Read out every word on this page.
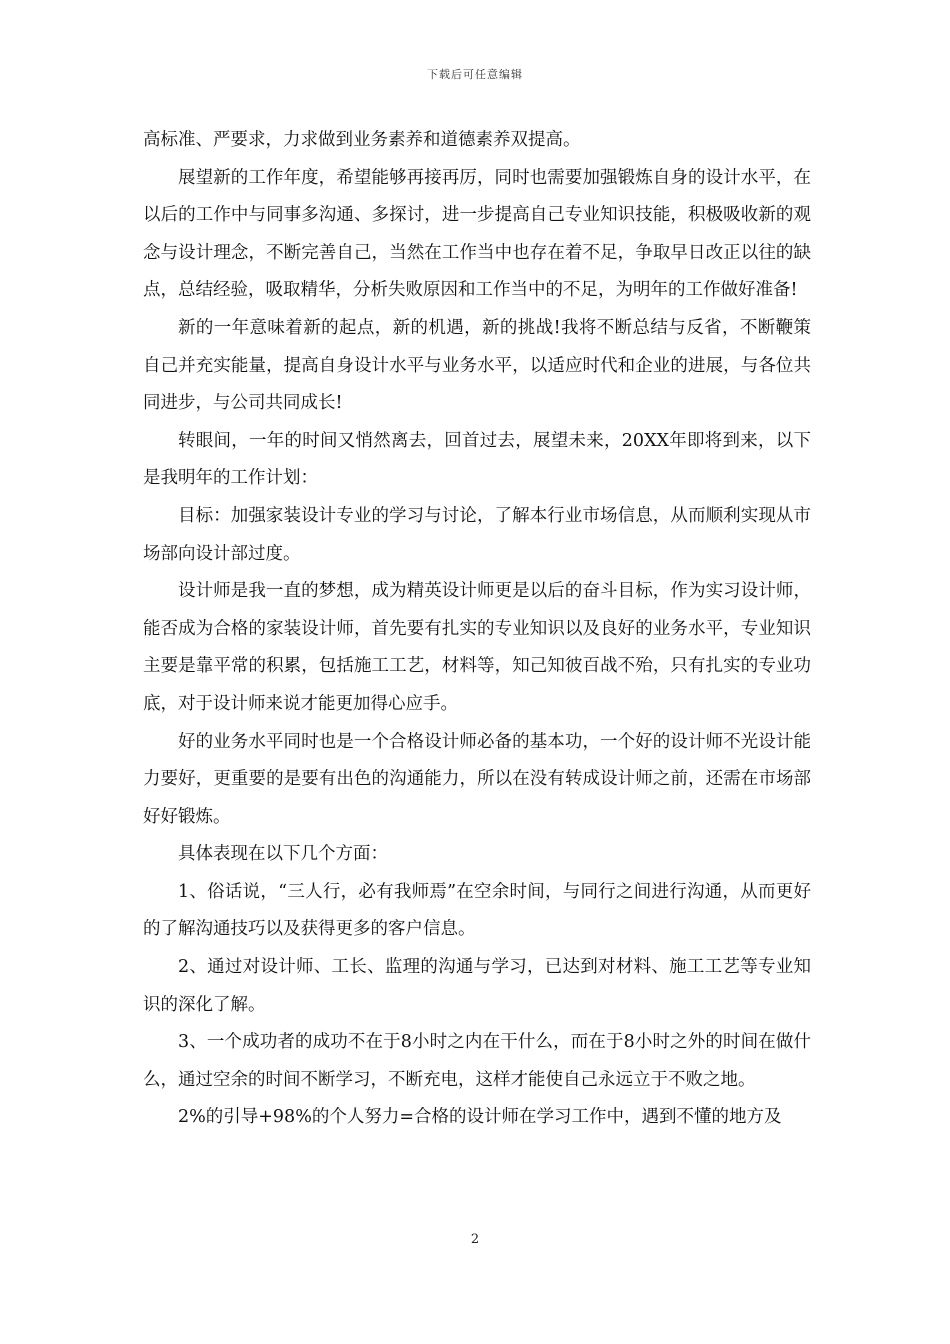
下载后可任意编辑

高标准、严要求，力求做到业务素养和道德素养双提高。

展望新的工作年度，希望能够再接再厉，同时也需要加强锻炼自身的设计水平，在以后的工作中与同事多沟通、多探讨，进一步提高自己专业知识技能，积极吸收新的观念与设计理念，不断完善自己，当然在工作当中也存在着不足，争取早日改正以往的缺点，总结经验，吸取精华，分析失败原因和工作当中的不足，为明年的工作做好准备!

新的一年意味着新的起点，新的机遇，新的挑战!我将不断总结与反省，不断鞭策自己并充实能量，提高自身设计水平与业务水平，以适应时代和企业的进展，与各位共同进步，与公司共同成长!

转眼间，一年的时间又悄然离去，回首过去，展望未来，20XX年即将到来，以下是我明年的工作计划：

目标：加强家装设计专业的学习与讨论，了解本行业市场信息，从而顺利实现从市场部向设计部过度。

设计师是我一直的梦想，成为精英设计师更是以后的奋斗目标，作为实习设计师，能否成为合格的家装设计师，首先要有扎实的专业知识以及良好的业务水平，专业知识主要是靠平常的积累，包括施工工艺，材料等，知己知彼百战不殆，只有扎实的专业功底，对于设计师来说才能更加得心应手。

好的业务水平同时也是一个合格设计师必备的基本功，一个好的设计师不光设计能力要好，更重要的是要有出色的沟通能力，所以在没有转成设计师之前，还需在市场部好好锻炼。

具体表现在以下几个方面：

1、俗话说，“三人行，必有我师焉”在空余时间，与同行之间进行沟通，从而更好的了解沟通技巧以及获得更多的客户信息。

2、通过对设计师、工长、监理的沟通与学习，已达到对材料、施工工艺等专业知识的深化了解。

3、一个成功者的成功不在于8小时之内在干什么，而在于8小时之外的时间在做什么，通过空余的时间不断学习，不断充电，这样才能使自己永远立于不败之地。

2%的引导+98%的个人努力=合格的设计师在学习工作中，遇到不懂的地方及

2
